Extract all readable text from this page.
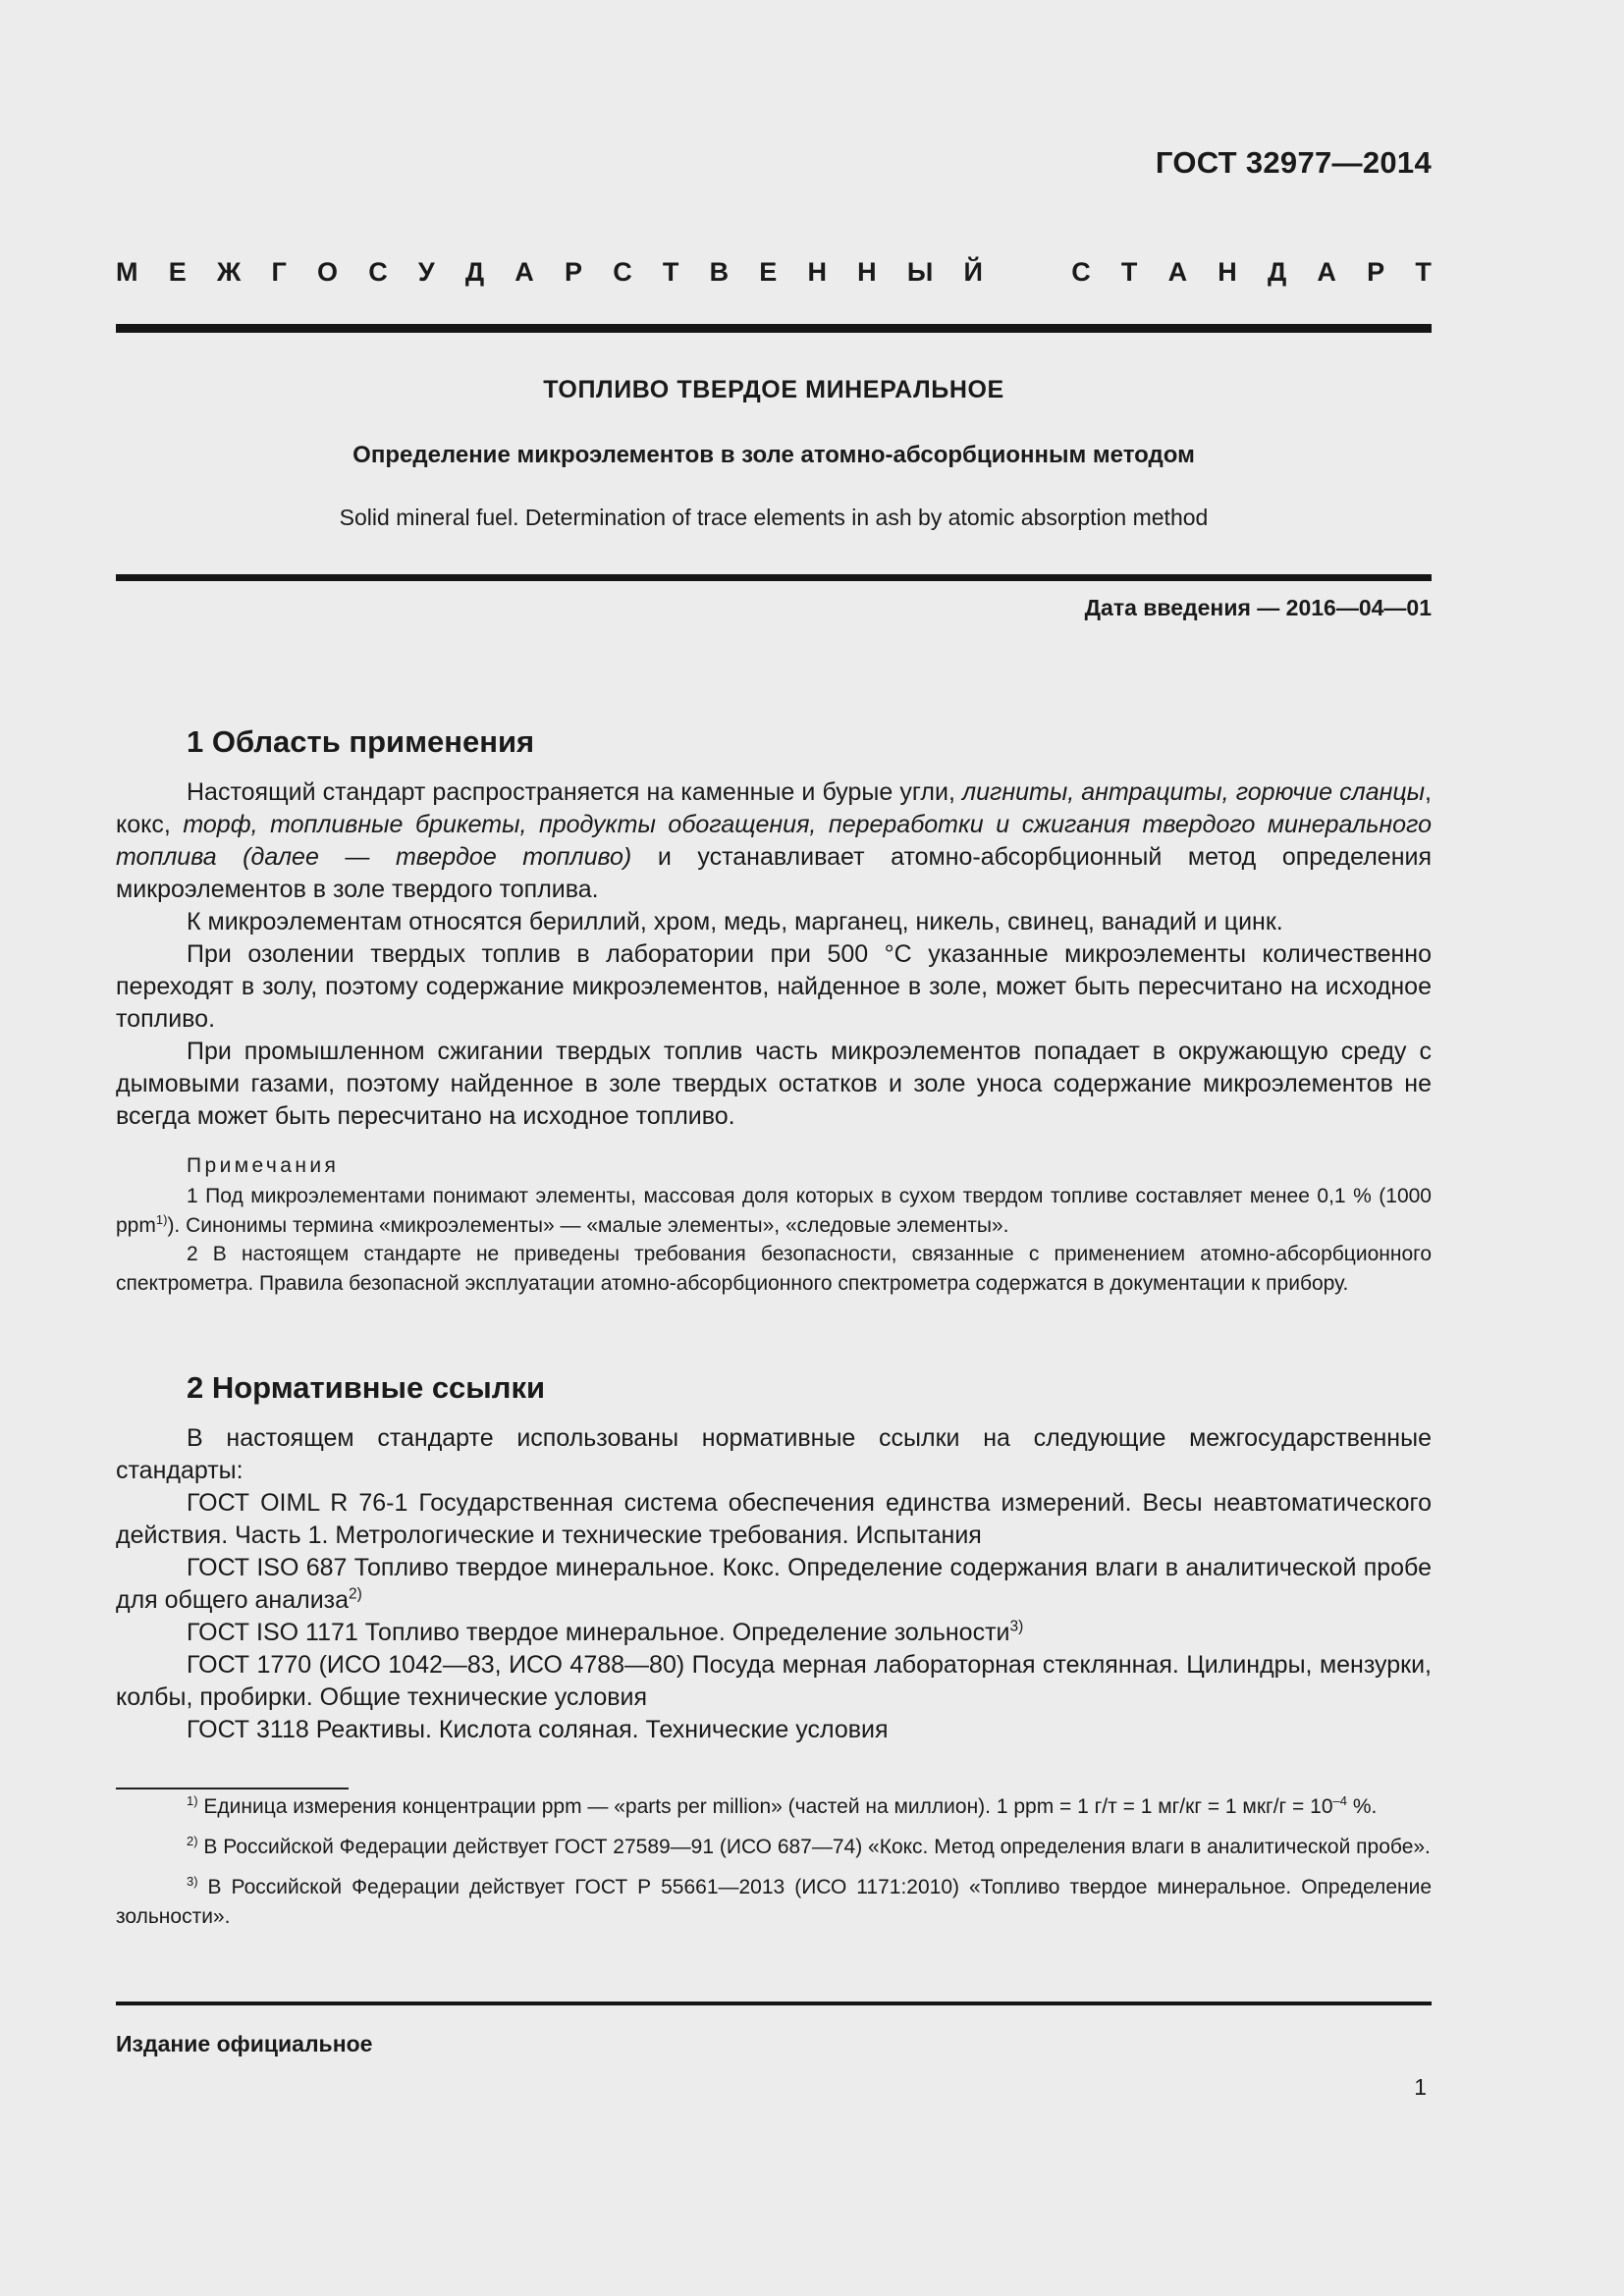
ГОСТ 32977—2014
М Е Ж Г О С У Д А Р С Т В Е Н Н Ы Й	С Т А Н Д А Р Т
ТОПЛИВО ТВЕРДОЕ МИНЕРАЛЬНОЕ
Определение микроэлементов в золе атомно-абсорбционным методом
Solid mineral fuel. Determination of trace elements in ash by atomic absorption method
Дата введения — 2016—04—01
1 Область применения

Настоящий стандарт распространяется на каменные и бурые угли, лигниты, антрациты, горючие сланцы, кокс, торф, топливные брикеты, продукты обогащения, переработки и сжигания твердого минерального топлива (далее — твердое топливо) и устанавливает атомно-абсорбционный метод определения микроэлементов в золе твердого топлива.

К микроэлементам относятся бериллий, хром, медь, марганец, никель, свинец, ванадий и цинк.

При озолении твердых топлив в лаборатории при 500 °С указанные микроэлементы количественно переходят в золу, поэтому содержание микроэлементов, найденное в золе, может быть пересчитано на исходное топливо.

При промышленном сжигании твердых топлив часть микроэлементов попадает в окружающую среду с дымовыми газами, поэтому найденное в золе твердых остатков и золе уноса содержание микроэлементов не всегда может быть пересчитано на исходное топливо.

Примечания

1 Под микроэлементами понимают элементы, массовая доля которых в сухом твердом топливе составляет менее 0,1 % (1000 ppm$^{1)}$). Синонимы термина «микроэлементы» — «малые элементы», «следовые элементы».

2 В настоящем стандарте не приведены требования безопасности, связанные с применением атомно-абсорбционного спектрометра. Правила безопасной эксплуатации атомно-абсорбционного спектрометра содержатся в документации к прибору.

2 Нормативные ссылки

В настоящем стандарте использованы нормативные ссылки на следующие межгосударственные стандарты:

ГОСТ OIML R 76-1 Государственная система обеспечения единства измерений. Весы неавтоматического действия. Часть 1. Метрологические и технические требования. Испытания

ГОСТ ISO 687 Топливо твердое минеральное. Кокс. Определение содержания влаги в аналитической пробе для общего анализа$^{2)}$

ГОСТ ISO 1171 Топливо твердое минеральное. Определение зольности$^{3)}$

ГОСТ 1770 (ИСО 1042—83, ИСО 4788—80) Посуда мерная лабораторная стеклянная. Цилиндры, мензурки, колбы, пробирки. Общие технические условия

ГОСТ 3118 Реактивы. Кислота соляная. Технические условия

$^{1)}$ Единица измерения концентрации ppm — «parts per million» (частей на миллион). 1 ppm = 1 г/т = 1 мг/кг = 1 $мкг/г = 10^{-4}$ %.

$^{2)}$ В Российской Федерации действует ГОСТ 27589—91 (ИСО 687—74) «Кокс. Метод определения влаги в аналитической пробе».

$^{3)}$ В Российской Федерации действует ГОСТ Р 55661—2013 (ИСО 1171:2010) «Топливо твердое минеральное. Определение зольности».

Издание официальное
1
